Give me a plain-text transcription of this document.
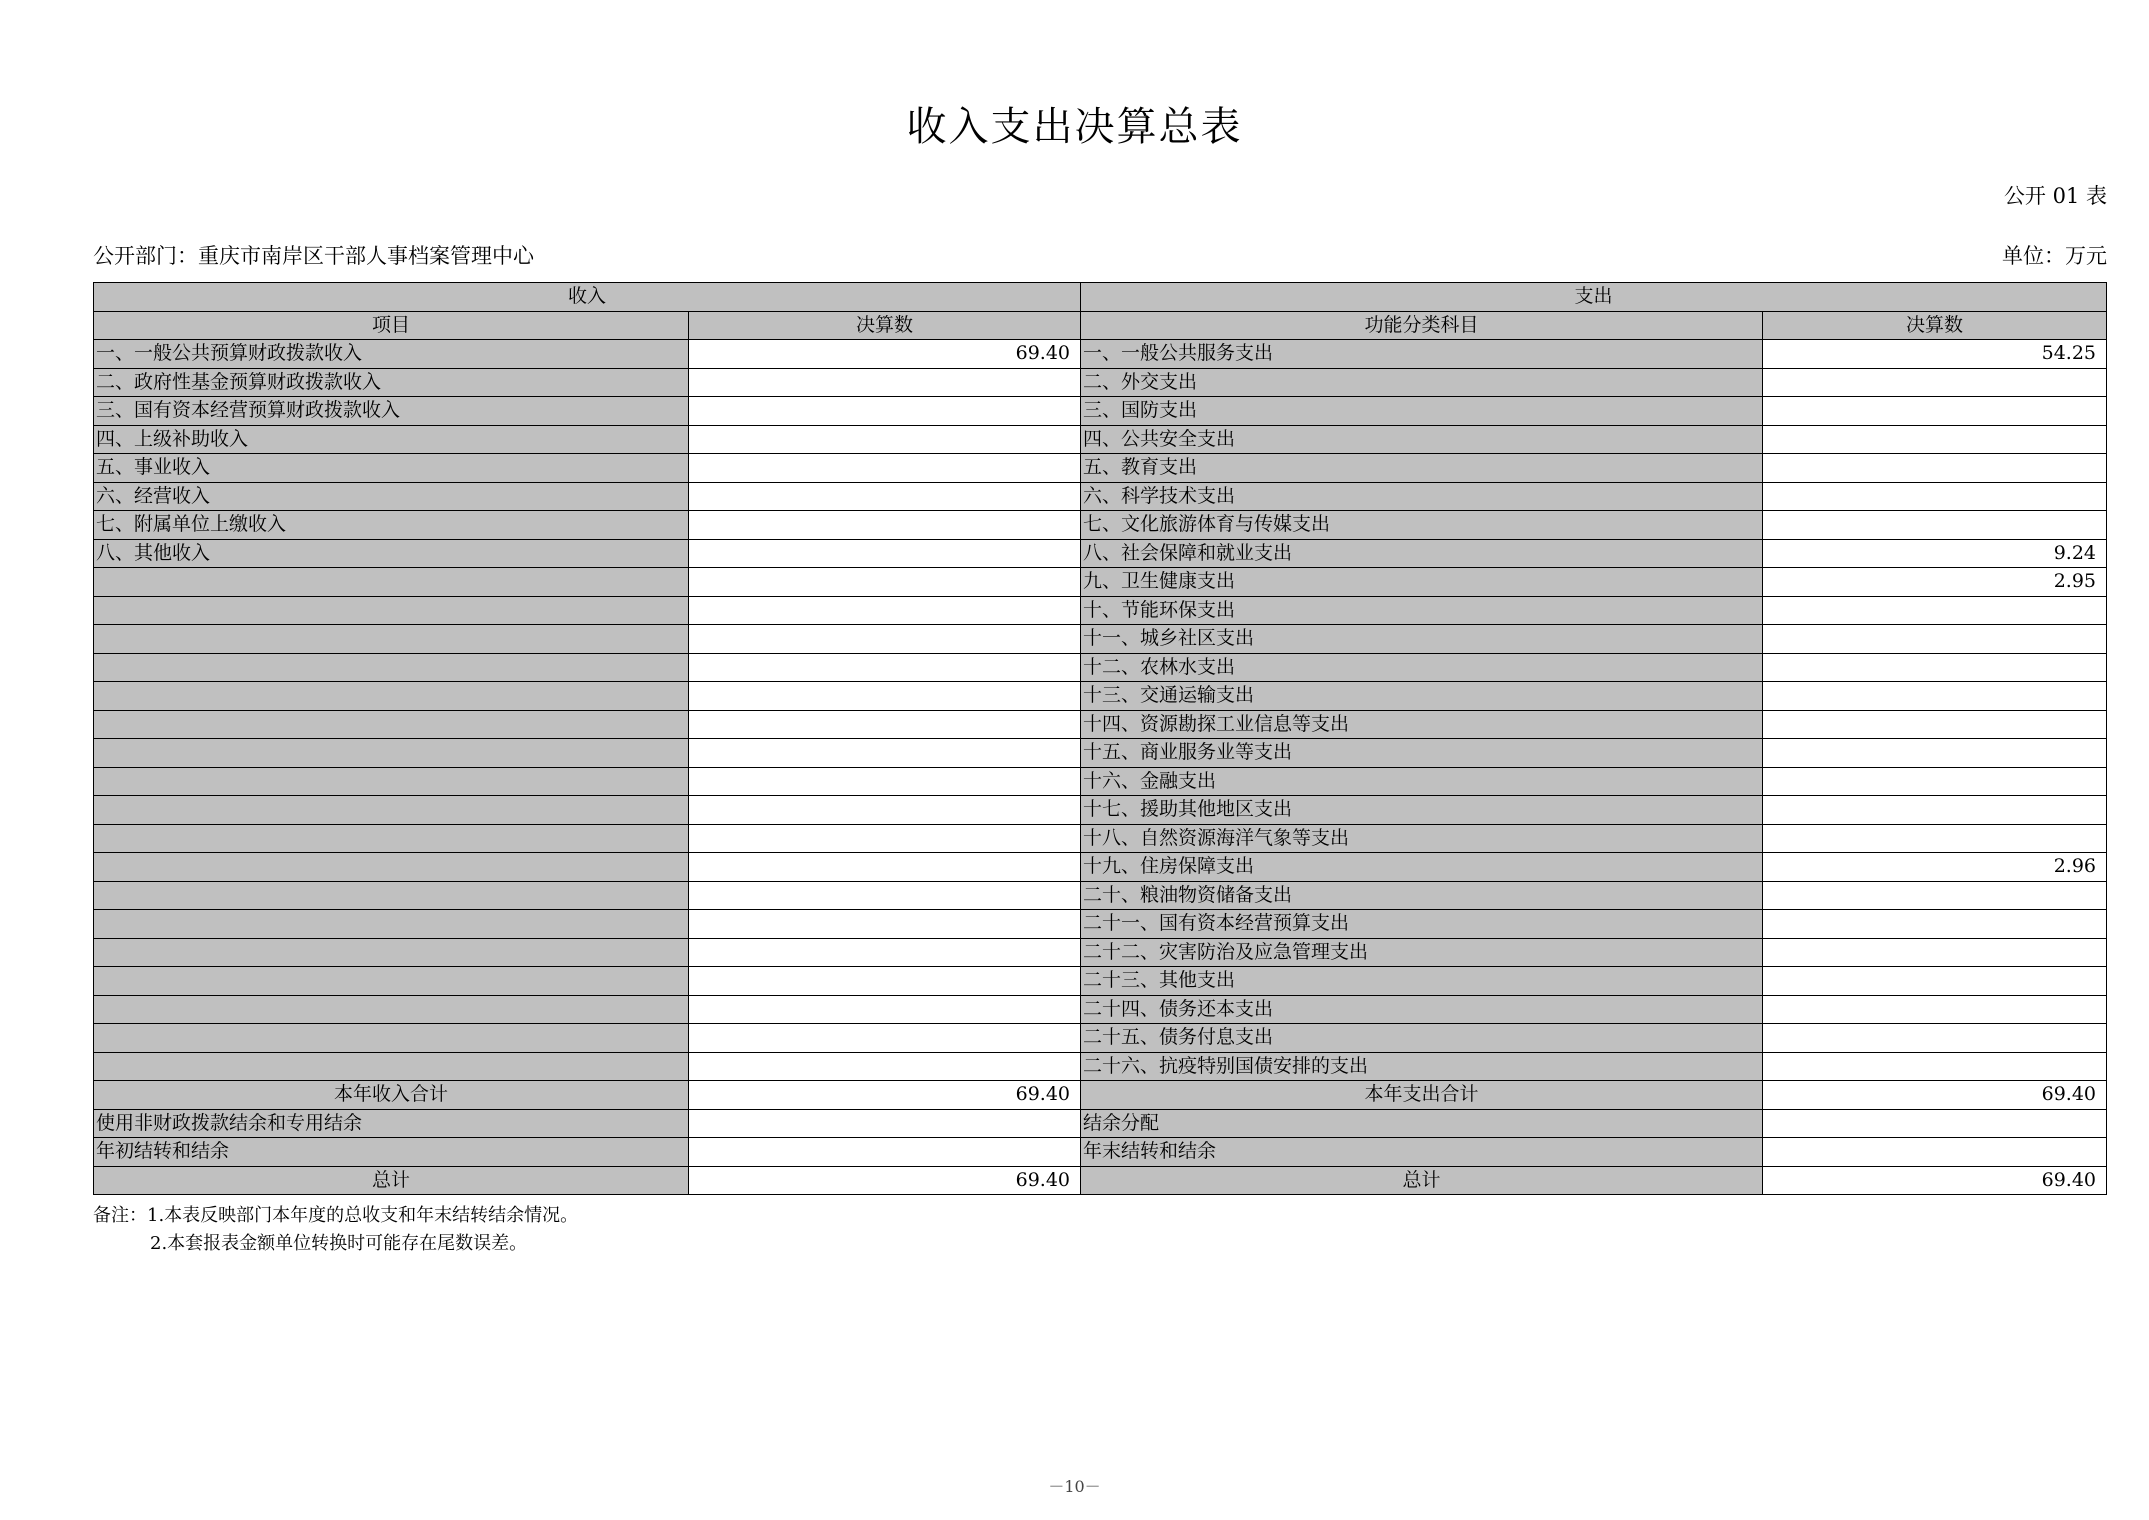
收入支出决算总表
公开 01 表
公开部门：重庆市南岸区干部人事档案管理中心	单位：万元
收入		支出	
项目	决算数	功能分类科目	决算数
一、一般公共预算财政拨款收入	69.40	一、一般公共服务支出	54.25
二、政府性基金预算财政拨款收入		二、外交支出	
三、国有资本经营预算财政拨款收入		三、国防支出	
四、上级补助收入		四、公共安全支出	
五、事业收入		五、教育支出	
六、经营收入		六、科学技术支出	
七、附属单位上缴收入		七、文化旅游体育与传媒支出	
八、其他收入		八、社会保障和就业支出	9.24
		九、卫生健康支出	2.95
		十、节能环保支出	
		十一、城乡社区支出	
		十二、农林水支出	
		十三、交通运输支出	
		十四、资源勘探工业信息等支出	
		十五、商业服务业等支出	
		十六、金融支出	
		十七、援助其他地区支出	
		十八、自然资源海洋气象等支出	
		十九、住房保障支出	2.96
		二十、粮油物资储备支出	
		二十一、国有资本经营预算支出	
		二十二、灾害防治及应急管理支出	
		二十三、其他支出	
		二十四、债务还本支出	
		二十五、债务付息支出	
		二十六、抗疫特别国债安排的支出	
本年收入合计	69.40	本年支出合计	69.40
使用非财政拨款结余和专用结余		结余分配	
年初结转和结余		年末结转和结余	
总计	69.40	总计	69.40
备注：1.本表反映部门本年度的总收支和年末结转结余情况。
2.本套报表金额单位转换时可能存在尾数误差。
－10－
